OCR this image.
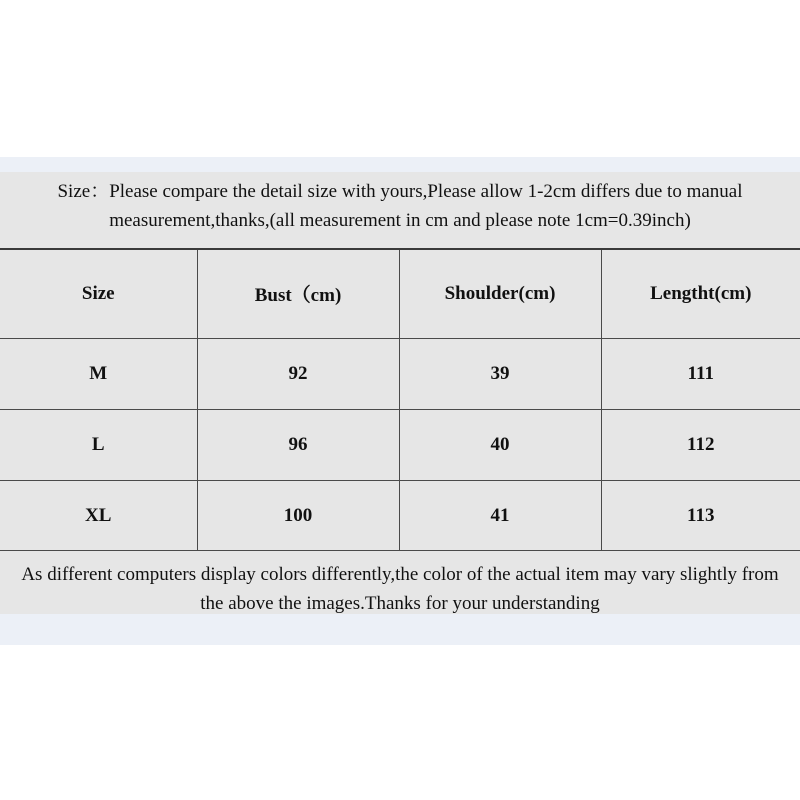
Size：Please compare the detail size with yours,Please allow 1-2cm differs due to manual
measurement,thanks,(all measurement in cm and please note 1cm=0.39inch)
Size	Bust（cm)	Shoulder(cm)	Lengtht(cm)
M	92	39	111
L	96	40	112
XL	100	41	113
As different computers display colors differently,the color of the actual item may vary slightly from
the above the images.Thanks for your understanding
